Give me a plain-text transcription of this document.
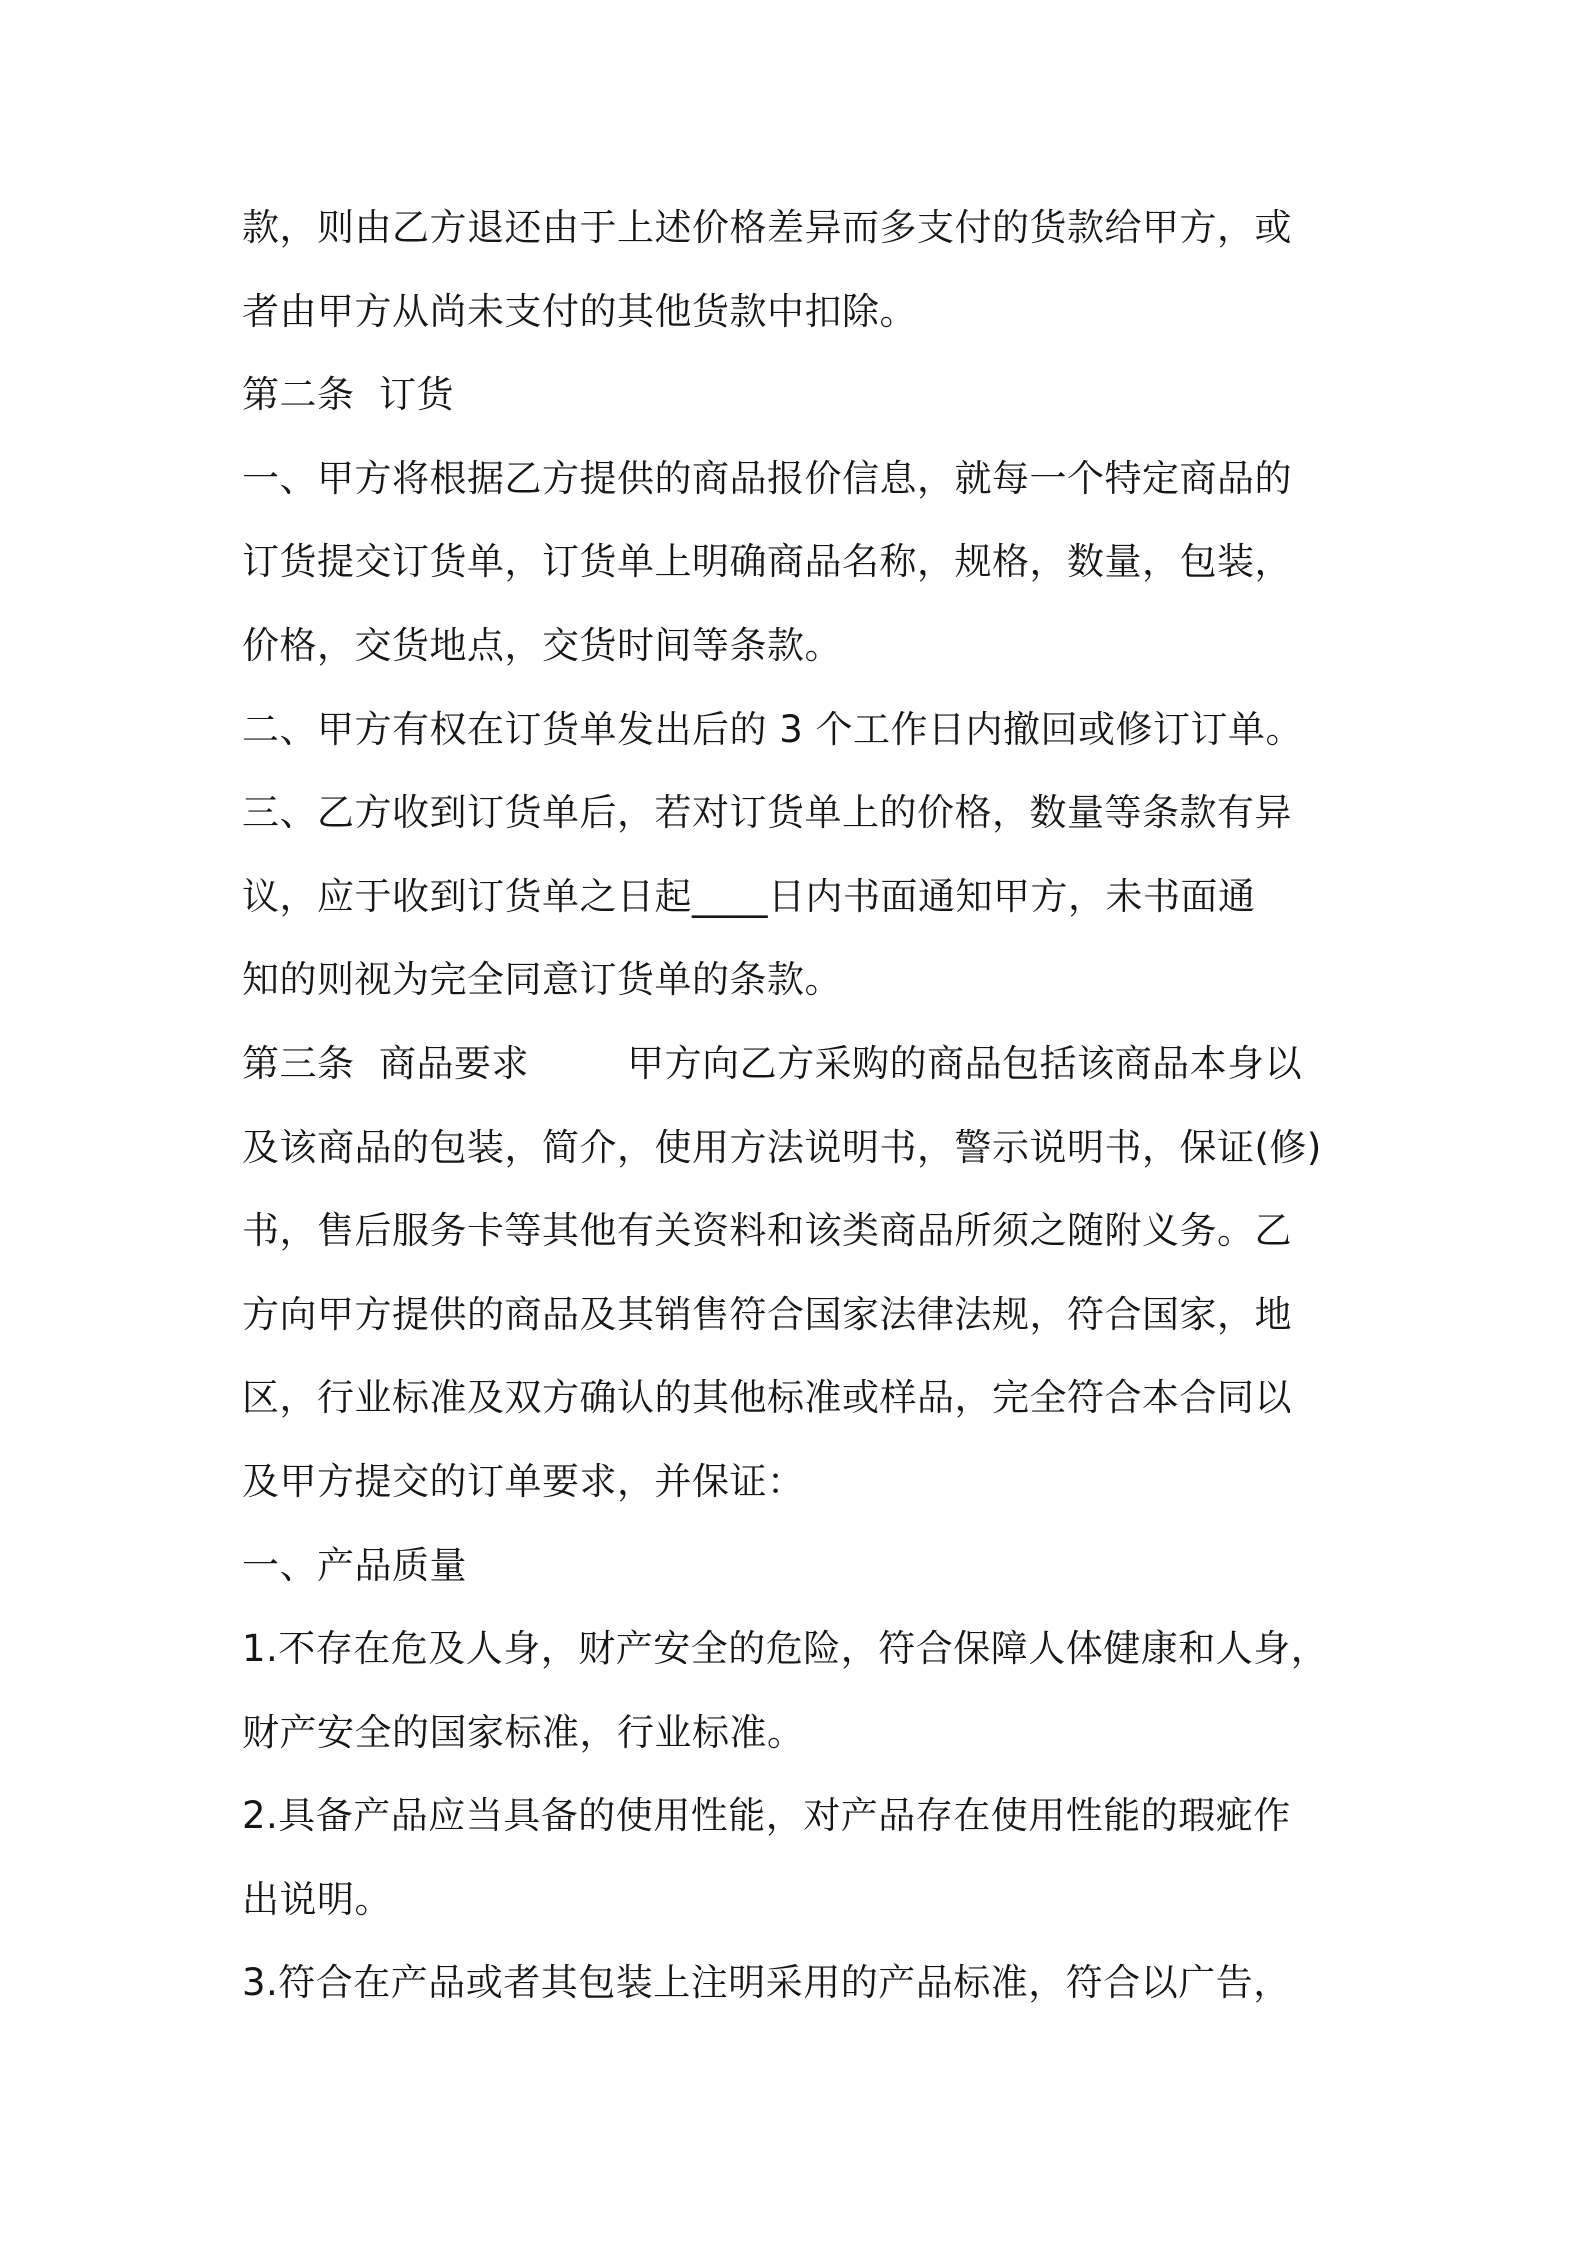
款，则由乙方退还由于上述价格差异而多支付的货款给甲方，或
者由甲方从尚未支付的其他货款中扣除。
第二条  订货
一、甲方将根据乙方提供的商品报价信息，就每一个特定商品的
订货提交订货单，订货单上明确商品名称，规格，数量，包装，
价格，交货地点，交货时间等条款。
二、甲方有权在订货单发出后的 3 个工作日内撤回或修订订单。
三、乙方收到订货单后，若对订货单上的价格，数量等条款有异
议，应于收到订货单之日起____日内书面通知甲方，未书面通
知的则视为完全同意订货单的条款。
第三条  商品要求        甲方向乙方采购的商品包括该商品本身以
及该商品的包装，简介，使用方法说明书，警示说明书，保证(修)
书，售后服务卡等其他有关资料和该类商品所须之随附义务。乙
方向甲方提供的商品及其销售符合国家法律法规，符合国家，地
区，行业标准及双方确认的其他标准或样品，完全符合本合同以
及甲方提交的订单要求，并保证：
一、产品质量
1.不存在危及人身，财产安全的危险，符合保障人体健康和人身，
财产安全的国家标准，行业标准。
2.具备产品应当具备的使用性能，对产品存在使用性能的瑕疵作
出说明。
3.符合在产品或者其包装上注明采用的产品标准，符合以广告，
